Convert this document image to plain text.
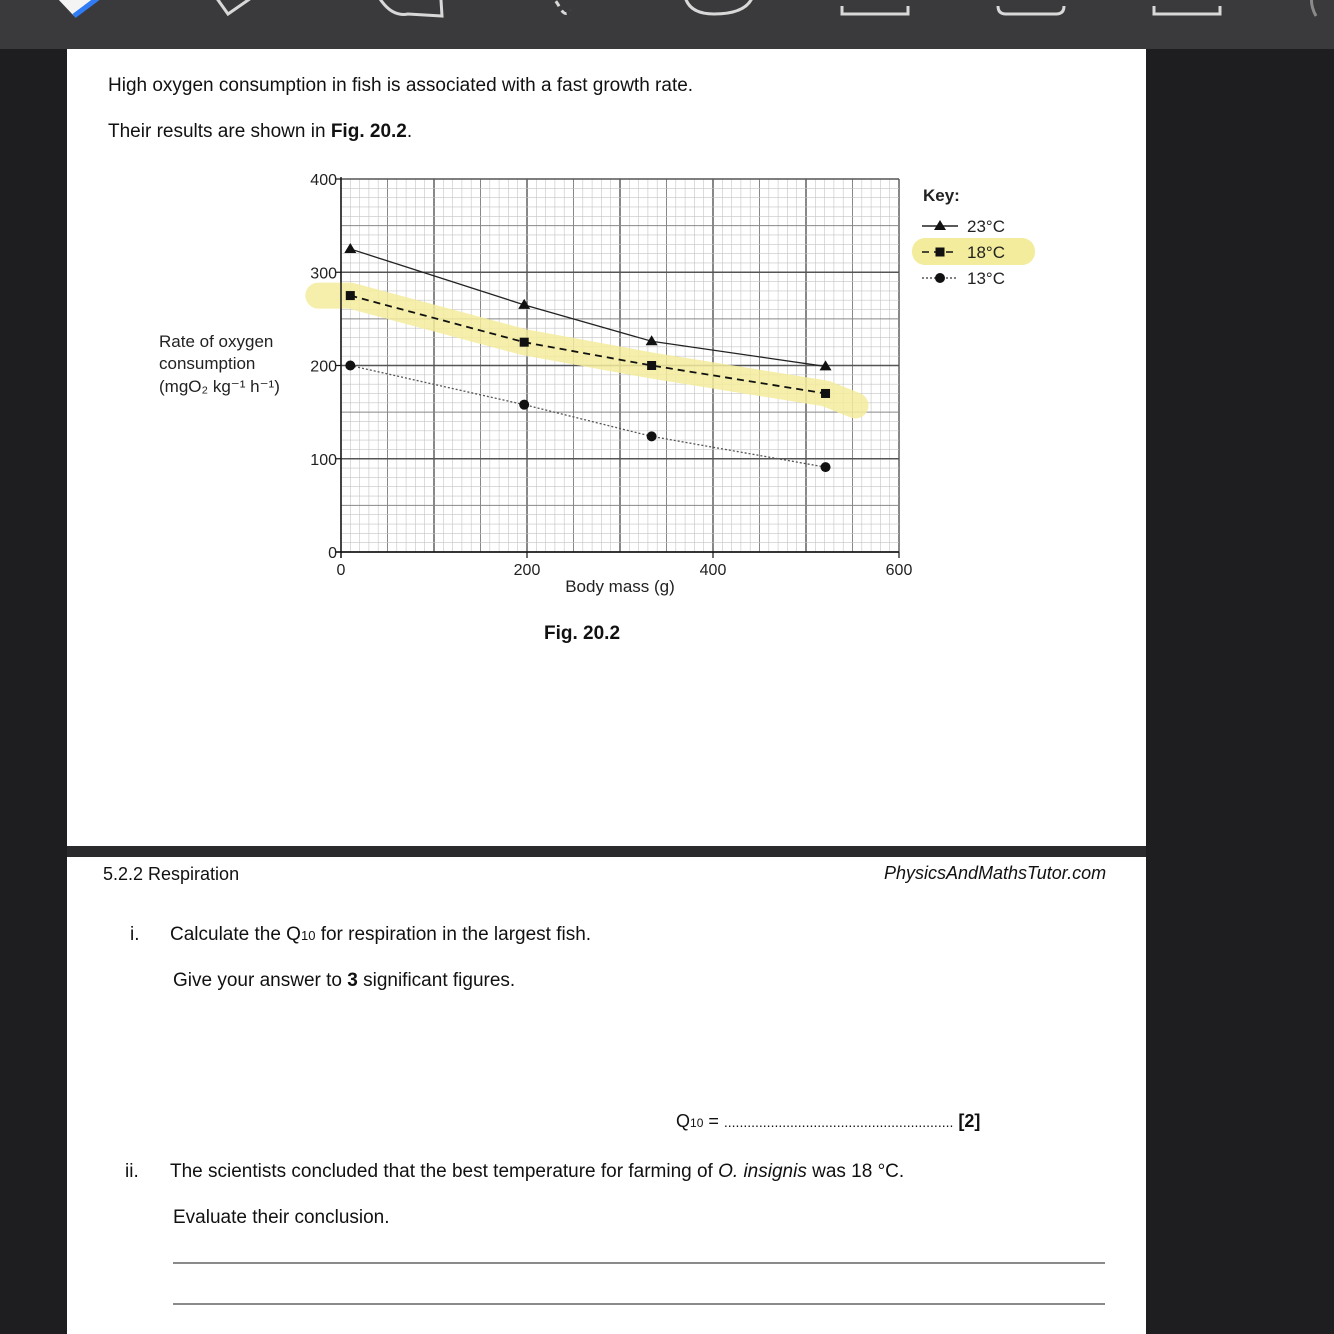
High oxygen consumption in fish is associated with a fast growth rate.
Their results are shown in Fig. 20.2.
0
100
200
300
400
0	200	400	600
Rate of oxygen
consumption
(mgO₂ kg⁻¹ h⁻¹)
Body mass (g)
Key:
23°C
18°C
13°C
Fig. 20.2
5.2.2 Respiration	PhysicsAndMathsTutor.com
i. Calculate the Q10 for respiration in the largest fish.
Give your answer to 3 significant figures.
Q10 = ........................................................... [2]
ii. The scientists concluded that the best temperature for farming of O. insignis was 18 °C.
Evaluate their conclusion.
